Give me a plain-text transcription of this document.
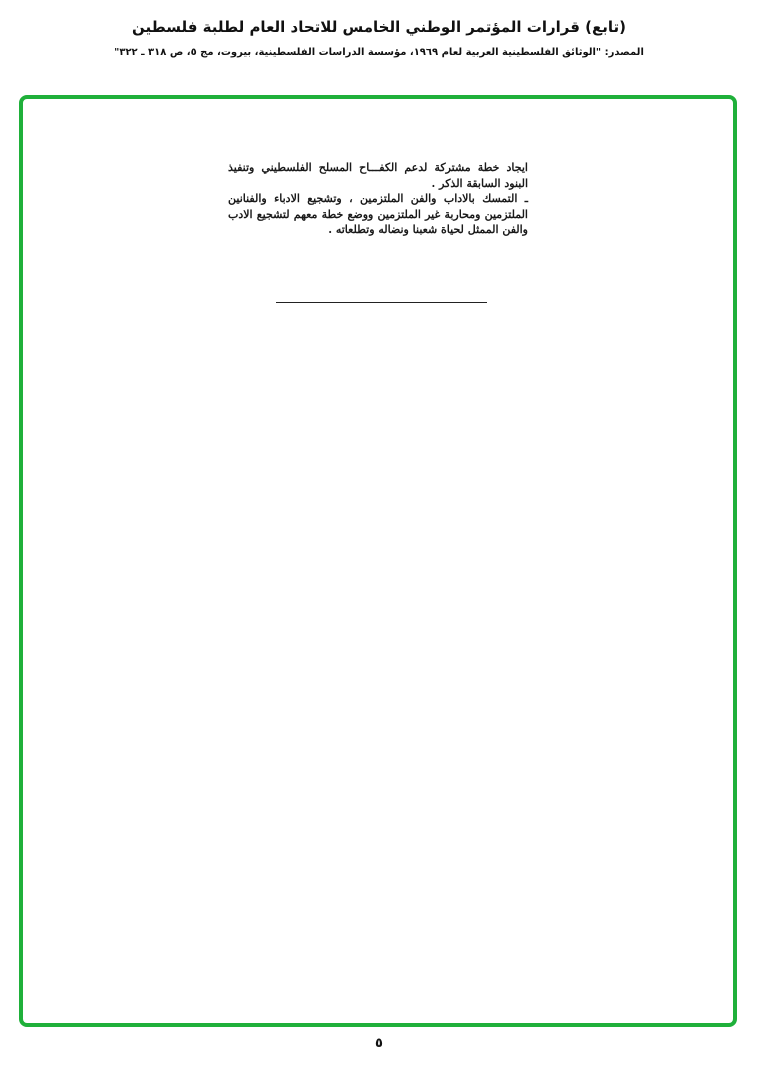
(تابع) قرارات المؤتمر الوطني الخامس للاتحاد العام لطلبة فلسطين
المصدر: "الوثائق الفلسطينية العربية لعام ١٩٦٩، مؤسسة الدراسات الفلسطينية، بيروت، مج ٥، ص ٣١٨ ـ ٣٢٢"

ايجاد خطة مشتركة لدعم الكفـــاح المسلح الفلسطيني وتنفيذ البنود السابقة الذكر .

ـ التمسك بالاداب والفن الملتزمين ، وتشجيع الادباء والفنانين الملتزمين ومحاربة غير الملتزمين ووضع خطة معهم لتشجيع الادب والفن الممثل لحياة شعبنا ونضاله وتطلعاته .

٥
